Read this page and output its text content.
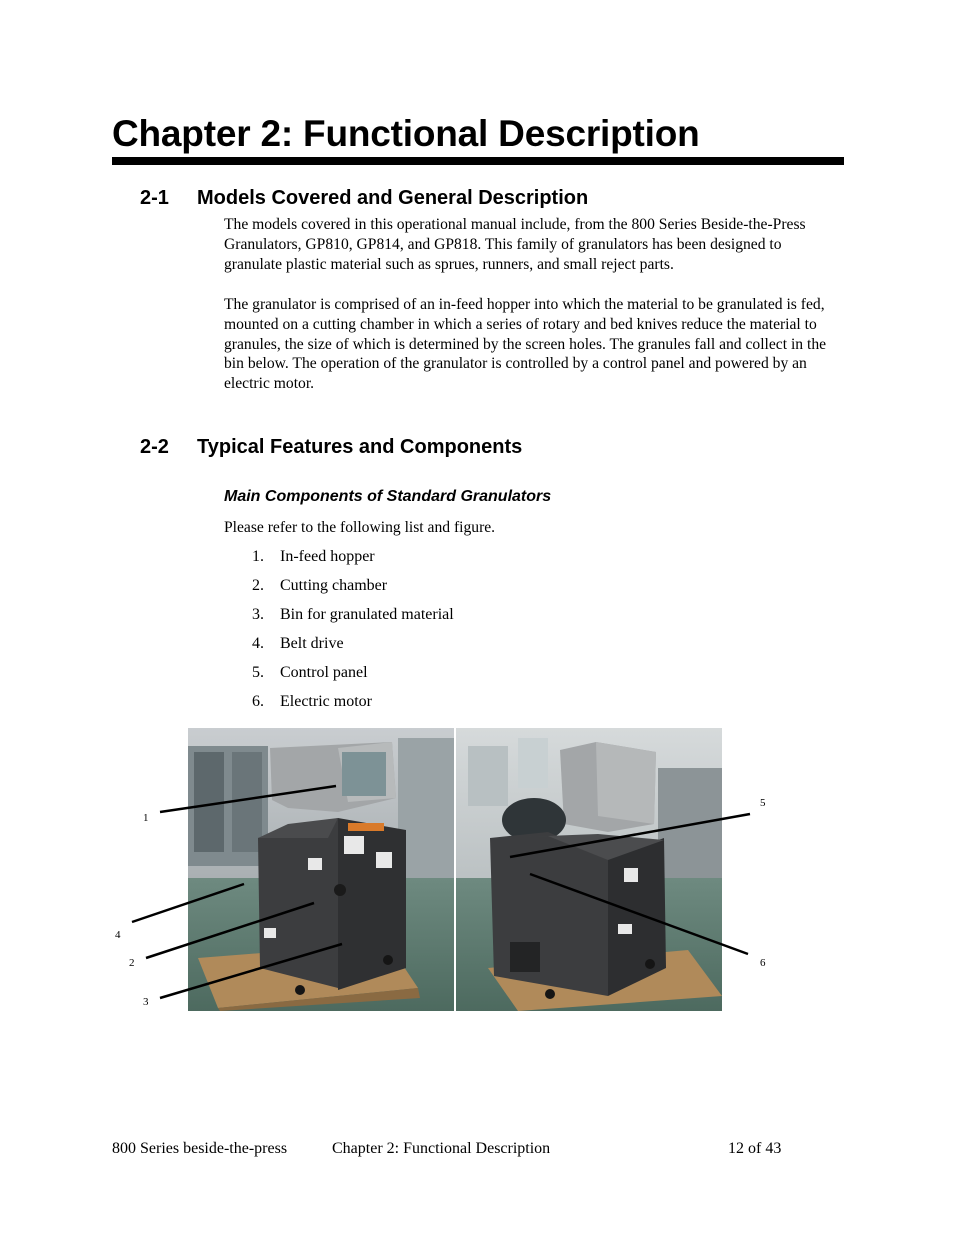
Chapter 2: Functional Description
2-1 Models Covered and General Description

The models covered in this operational manual include, from the 800 Series Beside-the-Press Granulators, GP810, GP814, and GP818. This family of granulators has been designed to granulate plastic material such as sprues, runners, and small reject parts.

The granulator is comprised of an in-feed hopper into which the material to be granulated is fed, mounted on a cutting chamber in which a series of rotary and bed knives reduce the material to granules, the size of which is determined by the screen holes. The granules fall and collect in the bin below. The operation of the granulator is controlled by a control panel and powered by an electric motor.

2-2 Typical Features and Components
Main Components of Standard Granulators

Please refer to the following list and figure.

1. In-feed hopper
2. Cutting chamber
3. Bin for granulated material
4. Belt drive
5. Control panel
6. Electric motor
1
4
2
3
5
6
800 Series beside-the-press	Chapter 2: Functional Description	12 of 43
